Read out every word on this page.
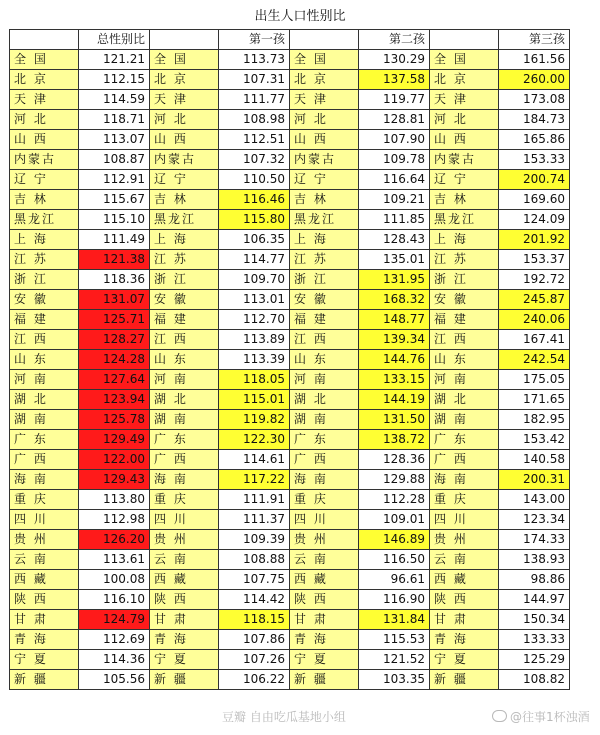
出生人口性别比
	总性别比		第一孩		第二孩		第三孩
全 国	121.21	全 国	113.73	全 国	130.29	全 国	161.56
北 京	112.15	北 京	107.31	北 京	137.58	北 京	260.00
天 津	114.59	天 津	111.77	天 津	119.77	天 津	173.08
河 北	118.71	河 北	108.98	河 北	128.81	河 北	184.73
山 西	113.07	山 西	112.51	山 西	107.90	山 西	165.86
内蒙古	108.87	内蒙古	107.32	内蒙古	109.78	内蒙古	153.33
辽 宁	112.91	辽 宁	110.50	辽 宁	116.64	辽 宁	200.74
吉 林	115.67	吉 林	116.46	吉 林	109.21	吉 林	169.60
黑龙江	115.10	黑龙江	115.80	黑龙江	111.85	黑龙江	124.09
上 海	111.49	上 海	106.35	上 海	128.43	上 海	201.92
江 苏	121.38	江 苏	114.77	江 苏	135.01	江 苏	153.37
浙 江	118.36	浙 江	109.70	浙 江	131.95	浙 江	192.72
安 徽	131.07	安 徽	113.01	安 徽	168.32	安 徽	245.87
福 建	125.71	福 建	112.70	福 建	148.77	福 建	240.06
江 西	128.27	江 西	113.89	江 西	139.34	江 西	167.41
山 东	124.28	山 东	113.39	山 东	144.76	山 东	242.54
河 南	127.64	河 南	118.05	河 南	133.15	河 南	175.05
湖 北	123.94	湖 北	115.01	湖 北	144.19	湖 北	171.65
湖 南	125.78	湖 南	119.82	湖 南	131.50	湖 南	182.95
广 东	129.49	广 东	122.30	广 东	138.72	广 东	153.42
广 西	122.00	广 西	114.61	广 西	128.36	广 西	140.58
海 南	129.43	海 南	117.22	海 南	129.88	海 南	200.31
重 庆	113.80	重 庆	111.91	重 庆	112.28	重 庆	143.00
四 川	112.98	四 川	111.37	四 川	109.01	四 川	123.34
贵 州	126.20	贵 州	109.39	贵 州	146.89	贵 州	174.33
云 南	113.61	云 南	108.88	云 南	116.50	云 南	138.93
西 藏	100.08	西 藏	107.75	西 藏	96.61	西 藏	98.86
陕 西	116.10	陕 西	114.42	陕 西	116.90	陕 西	144.97
甘 肃	124.79	甘 肃	118.15	甘 肃	131.84	甘 肃	150.34
青 海	112.69	青 海	107.86	青 海	115.53	青 海	133.33
宁 夏	114.36	宁 夏	107.26	宁 夏	121.52	宁 夏	125.29
新 疆	105.56	新 疆	106.22	新 疆	103.35	新 疆	108.82
豆瓣 自由吃瓜基地小组	@往事1杯浊酒
